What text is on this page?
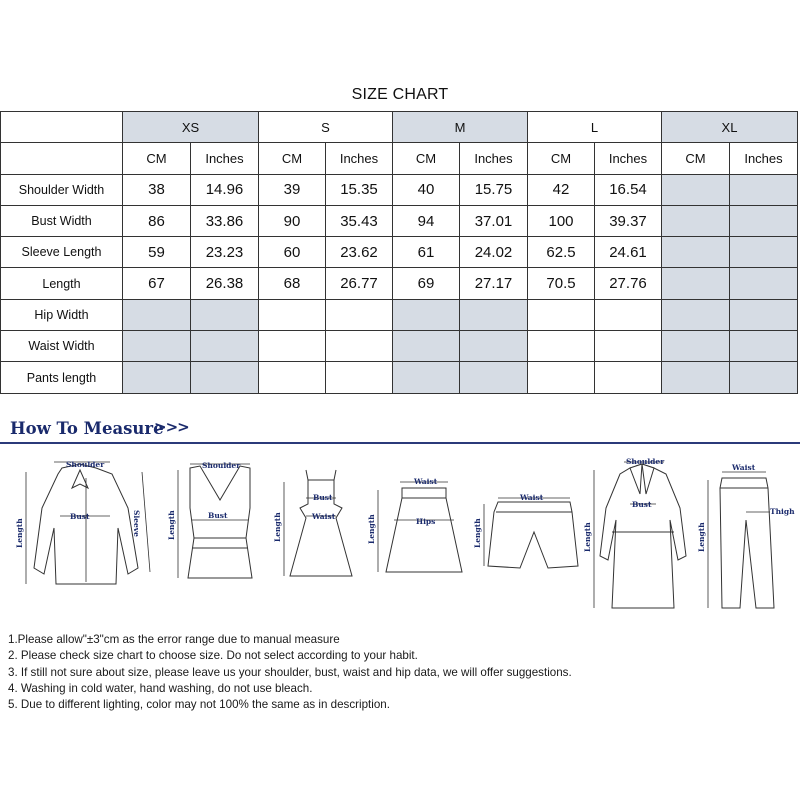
SIZE CHART
	XS		S		M		L		XL	
	CM	Inches	CM	Inches	CM	Inches	CM	Inches	CM	Inches
Shoulder Width	38	14.96	39	15.35	40	15.75	42	16.54		
Bust Width	86	33.86	90	35.43	94	37.01	100	39.37		
Sleeve Length	59	23.23	60	23.62	61	24.02	62.5	24.61		
Length	67	26.38	68	26.77	69	27.17	70.5	27.76		
Hip Width										
Waist Width										
Pants length										
How To Measure
>>>
Shoulder
Bust
Length	Sleeve
Shoulder
Bust
Length
Bust
Waist
Length
Waist
Hips
Length
Waist
Length
Shoulder
Bust
Length
Waist
Thigh
Length
1.Please allow"±3"cm as the error range due to manual measure
2. Please check size chart to choose size. Do not select according to your habit.
3. If still not sure about size, please leave us your shoulder, bust, waist and hip data, we will offer suggestions.
4. Washing in cold water, hand washing, do not use bleach.
5. Due to different lighting, color may not 100% the same as in description.
